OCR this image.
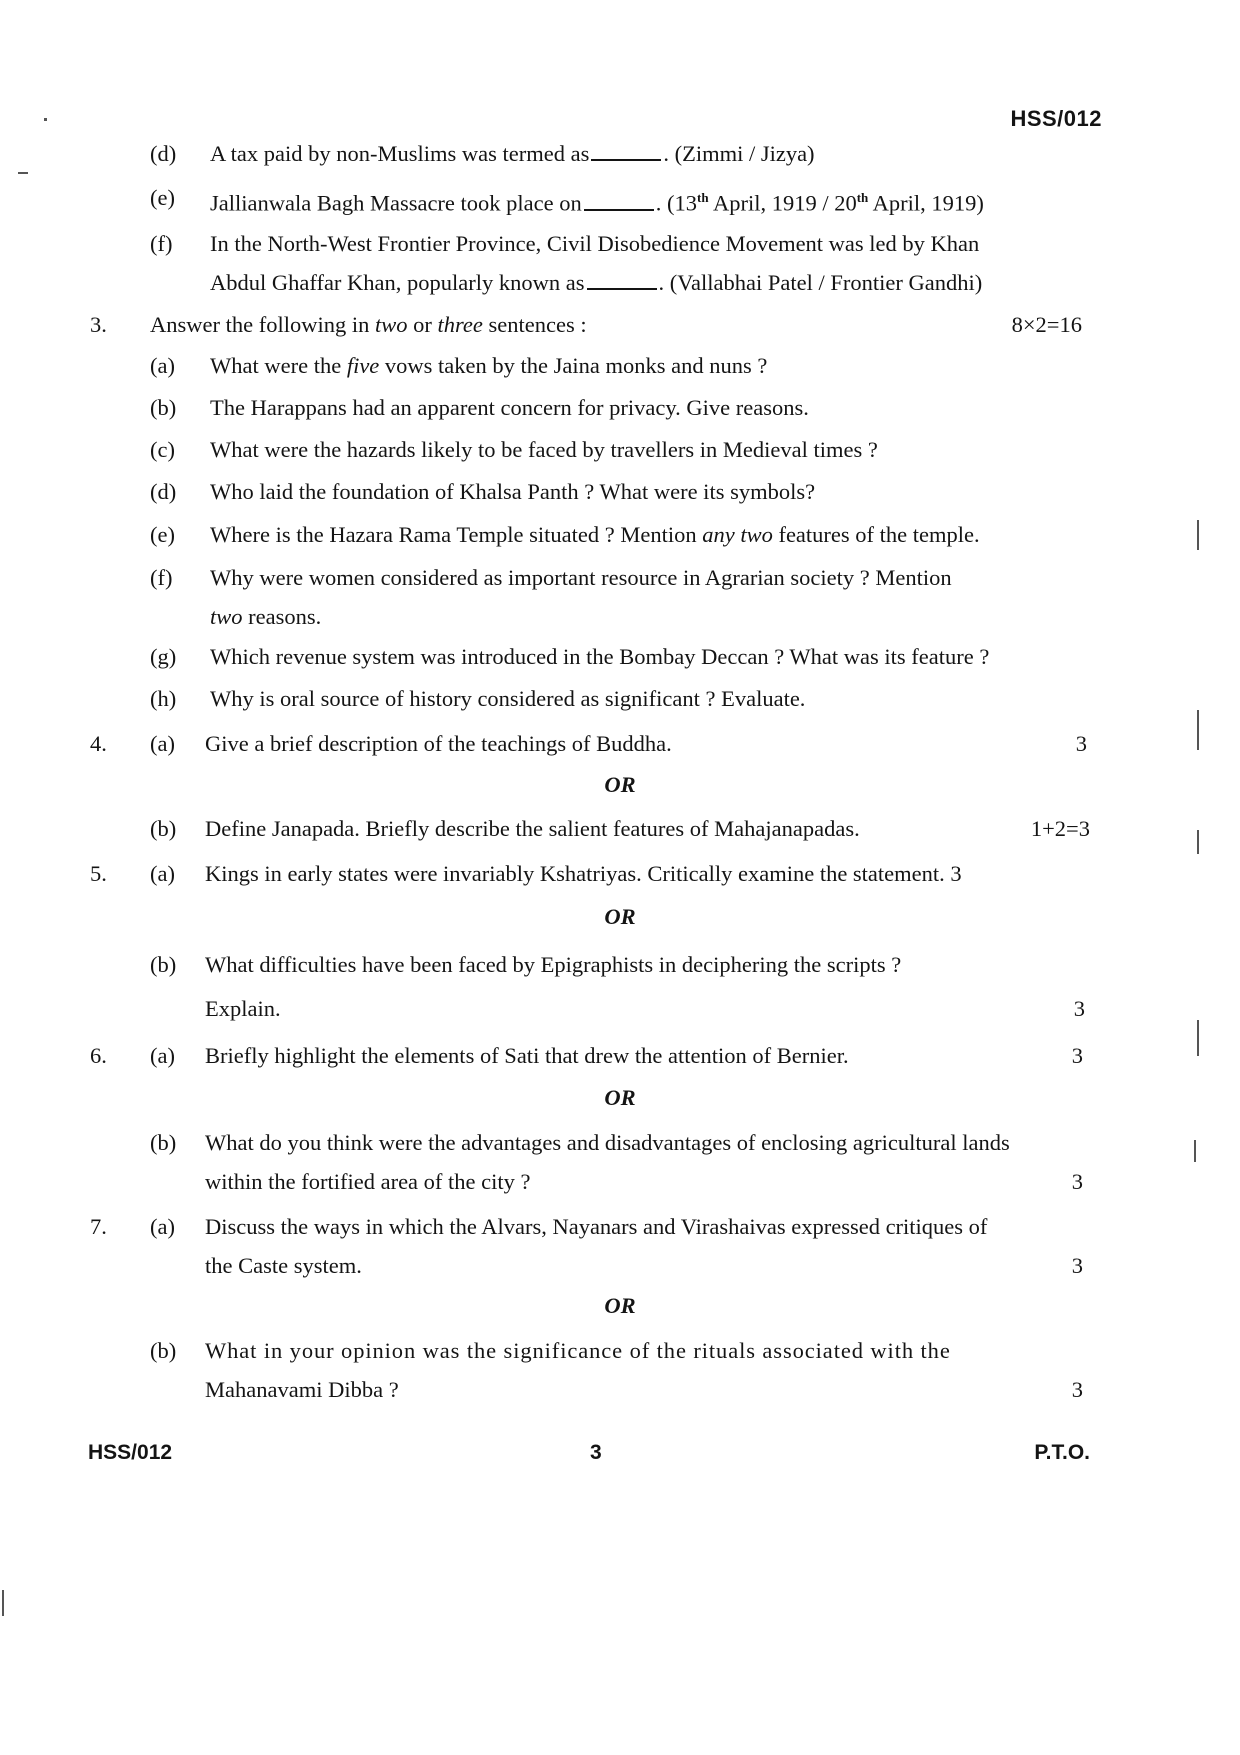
HSS/012
(d) A tax paid by non-Muslims was termed as	. (Zimmi / Jizya)
(e) Jallianwala Bagh Massacre took place on	. (13th April, 1919 / 20th April, 1919)
(f) In the North-West Frontier Province, Civil Disobedience Movement was led by Khan
Abdul Ghaffar Khan, popularly known as	. (Vallabhai Patel / Frontier Gandhi)
3. Answer the following in two or three sentences :	8×2=16
(a) What were the five vows taken by the Jaina monks and nuns ?
(b) The Harappans had an apparent concern for privacy. Give reasons.
(c) What were the hazards likely to be faced by travellers in Medieval times ?
(d) Who laid the foundation of Khalsa Panth ? What were its symbols?
(e) Where is the Hazara Rama Temple situated ? Mention any two features of the temple.
(f) Why were women considered as important resource in Agrarian society ? Mention
two reasons.
(g) Which revenue system was introduced in the Bombay Deccan ? What was its feature ?
(h) Why is oral source of history considered as significant ? Evaluate.
4. (a) Give a brief description of the teachings of Buddha.	3
OR
(b) Define Janapada. Briefly describe the salient features of Mahajanapadas.	1+2=3
5. (a) Kings in early states were invariably Kshatriyas. Critically examine the statement. 3
OR
(b) What difficulties have been faced by Epigraphists in deciphering the scripts ?
Explain.	3
6. (a) Briefly highlight the elements of Sati that drew the attention of Bernier.	3
OR
(b) What do you think were the advantages and disadvantages of enclosing agricultural lands
within the fortified area of the city ?	3
7. (a) Discuss the ways in which the Alvars, Nayanars and Virashaivas expressed critiques of
the Caste system.	3
OR
(b) What in your opinion was the significance of the rituals associated with the
Mahanavami Dibba ?	3
HSS/012	3	P.T.O.
